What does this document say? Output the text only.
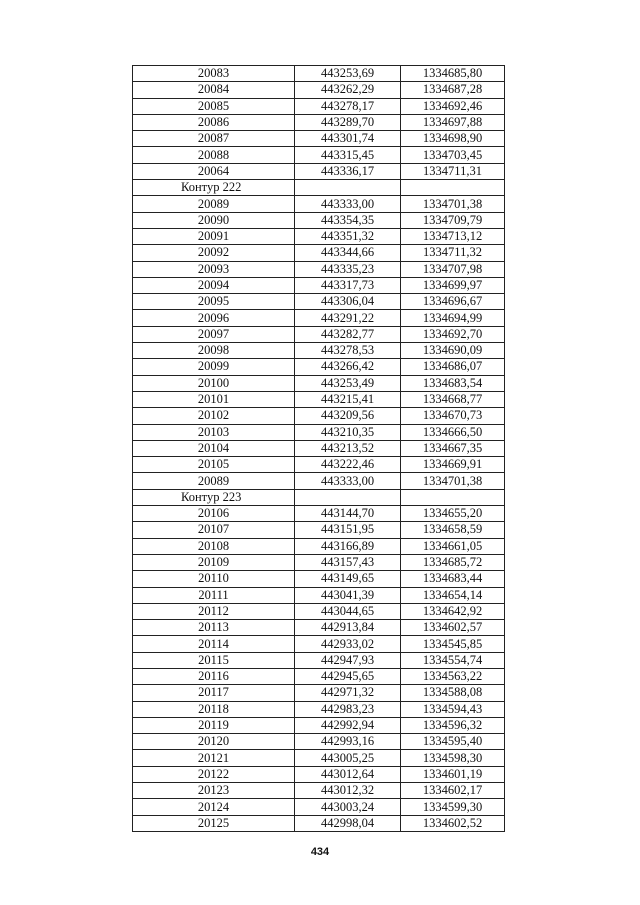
20083	443253,69	1334685,80
20084	443262,29	1334687,28
20085	443278,17	1334692,46
20086	443289,70	1334697,88
20087	443301,74	1334698,90
20088	443315,45	1334703,45
20064	443336,17	1334711,31
Контур 222		
20089	443333,00	1334701,38
20090	443354,35	1334709,79
20091	443351,32	1334713,12
20092	443344,66	1334711,32
20093	443335,23	1334707,98
20094	443317,73	1334699,97
20095	443306,04	1334696,67
20096	443291,22	1334694,99
20097	443282,77	1334692,70
20098	443278,53	1334690,09
20099	443266,42	1334686,07
20100	443253,49	1334683,54
20101	443215,41	1334668,77
20102	443209,56	1334670,73
20103	443210,35	1334666,50
20104	443213,52	1334667,35
20105	443222,46	1334669,91
20089	443333,00	1334701,38
Контур 223		
20106	443144,70	1334655,20
20107	443151,95	1334658,59
20108	443166,89	1334661,05
20109	443157,43	1334685,72
20110	443149,65	1334683,44
20111	443041,39	1334654,14
20112	443044,65	1334642,92
20113	442913,84	1334602,57
20114	442933,02	1334545,85
20115	442947,93	1334554,74
20116	442945,65	1334563,22
20117	442971,32	1334588,08
20118	442983,23	1334594,43
20119	442992,94	1334596,32
20120	442993,16	1334595,40
20121	443005,25	1334598,30
20122	443012,64	1334601,19
20123	443012,32	1334602,17
20124	443003,24	1334599,30
20125	442998,04	1334602,52
434
